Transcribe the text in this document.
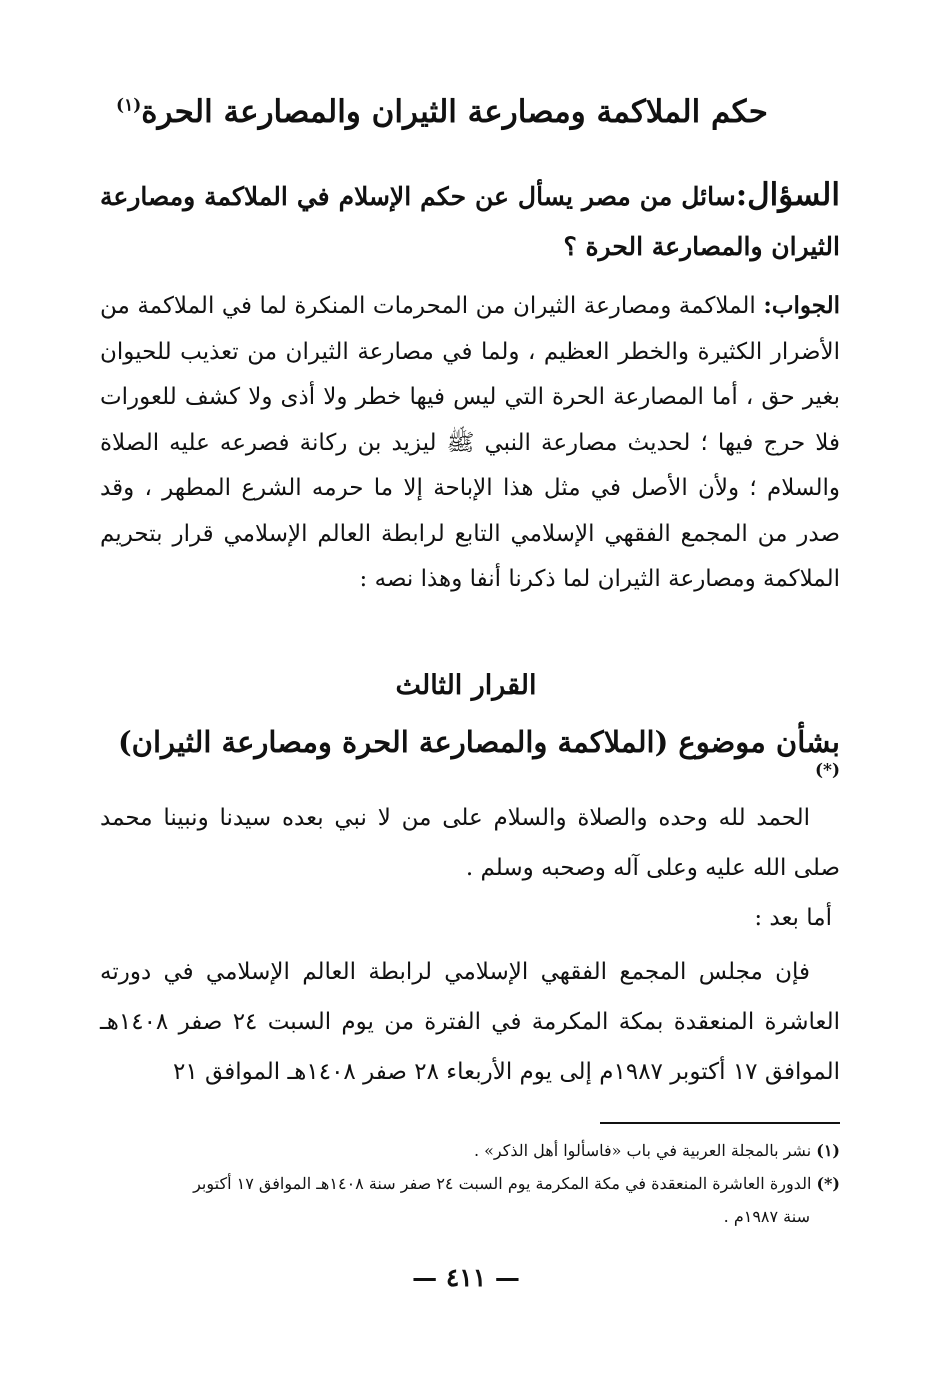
حكم الملاكمة ومصارعة الثيران والمصارعة الحرة$^{(١)}$
السؤال:سائل من مصر يسأل عن حكم الإسلام في الملاكمة ومصارعة الثيران والمصارعة الحرة ؟
الجواب: الملاكمة ومصارعة الثيران من المحرمات المنكرة لما في الملاكمة من الأضرار الكثيرة والخطر العظيم ، ولما في مصارعة الثيران من تعذيب للحيوان بغير حق ، أما المصارعة الحرة التي ليس فيها خطر ولا أذى ولا كشف للعورات فلا حرج فيها ؛ لحديث مصارعة النبي ﷺ ليزيد بن ركانة فصرعه عليه الصلاة والسلام ؛ ولأن الأصل في مثل هذا الإباحة إلا ما حرمه الشرع المطهر ، وقد صدر من المجمع الفقهي الإسلامي التابع لرابطة العالم الإسلامي قرار بتحريم الملاكمة ومصارعة الثيران لما ذكرنا أنفا وهذا نصه :
القرار الثالث
بشأن موضوع (الملاكمة والمصارعة الحرة ومصارعة الثيران)(*)
الحمد لله وحده والصلاة والسلام على من لا نبي بعده سيدنا ونبينا محمد صلى الله عليه وعلى آله وصحبه وسلم .
أما بعد :
فإن مجلس المجمع الفقهي الإسلامي لرابطة العالم الإسلامي في دورته العاشرة المنعقدة بمكة المكرمة في الفترة من يوم السبت ٢٤ صفر ١٤٠٨هـ الموافق ١٧ أكتوبر ١٩٨٧م إلى يوم الأربعاء ٢٨ صفر ١٤٠٨هـ الموافق ٢١

(١) نشر بالمجلة العربية في باب «فاسألوا أهل الذكر» .

(*) الدورة العاشرة المنعقدة في مكة المكرمة يوم السبت ٢٤ صفر سنة ١٤٠٨هـ الموافق ١٧ أكتوبر

سنة ١٩٨٧م .

— ٤١١ —
